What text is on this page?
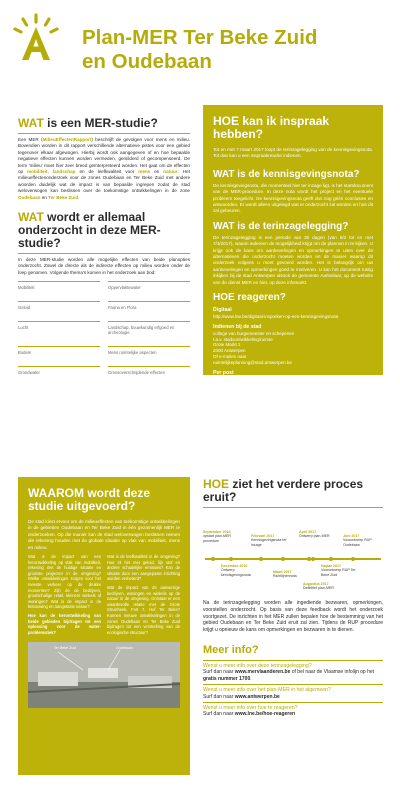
Plan-MER Ter Beke Zuid
en Oudebaan
WAT is een MER-studie?

Een MER (MilieuEffectenRapport) beschrijft de gevolgen voor mens en milieu. Bovendien worden in dit rapport verschillende alternatieve pistes voor een gebied tegenover elkaar afgewogen. Hierbij wordt ook aangegeven of en hoe bepaalde negatieve effecten kunnen worden vermeden, gemilderd of gecompenseerd. De term 'milieu' moet hier zeer breed geïnterpreteerd worden. Het gaat om de effecten op mobiliteit, landschap en de leefkwaliteit voor mens en natuur. Het milieueffectenonderzoek voor de zones Oudebaan en Ter Beke Zuid met andere woorden duidelijk wat de impact is van bepaalde ingrepen zodat de stad weloverwogen kan beslissen over de toekomstige ontwikkelingen in de zone Oudebaan en Ter Beke Zuid.

WAT wordt er allemaal onderzocht in deze MER-studie?

In deze MER-studie worden alle mogelijke effecten van beide planopties onderzocht. Zowel de directe als de indirecte effecten op milieu worden onder de loep genomen. Volgende thema's komen in het onderzoek aan bod:

Mobiliteit	Oppervlaktewater
Geluid	Fauna en Flora
Lucht	Landschap, bouwkundig erfgoed en archeologie
Bodem	Mens ruimtelijke aspecten
Grondwater	Grensoverschrijdende effecten
HOE kan ik inspraak hebben?

Tot en met 7 maart 2017 loopt de terinzagelegging van de kennisgevingsnota. Tot dan kan u een inspraakreactie indienen.

WAT is de kennisgevingsnota?

De kennisgevingsnota, die momenteel hier ter inzage ligt, is het startdocument van de MER-procedure. In deze nota wordt het project en het eventuele probleem toegelicht. De kennisgevingsnota geeft dus nog géén conclusies en antwoorden. Er wordt alleen uitgelegd wat er onderzocht zal worden en hoe dit zal gebeuren.

WAT is de terinzagelegging?

De terinzagelegging is een periode van 30 dagen (van 6/2 tot en met 7/3/2017), waarin iedereen de mogelijkheid krijgt om de plannen in te kijken. U krijgt ook de kans om aanbevelingen en opmerkingen te uiten over de alternatieven die onderzocht moeten worden en de manier waarop dit onderzoek volgens u moet gevoerd worden. Het is belangrijk om uw aanbevelingen en opmerkingen goed te motiveren. U kan het document rustig inkijken bij de stad Antwerpen alsook de gemeente Aartselaar, op de website van de dienst MER en hier, op deze infomarkt.

HOE reageren?
Digitaal
http://www.lne.be/digitaal-inspreken-op-een-kennisgevingsnota
Indienen bij de stad
college van burgemeester en schepenen
t.a.v. stadsontwikkeling/ruimte
Grote Markt 1
2000 Antwerpen
Of e-mailen naar
ruimtelijkeplanning@stad.antwerpen.be
Per post
Vlaamse overheid
Departement LNE Dienst MER
Plan-MER Ter Beke Zuid - Oudebaan
Koning Albert II-laan 20 bus 8
1000 Brussel
WAAROM wordt deze studie uitgevoerd?

De stad kiest ervoor om de milieueffecten van toekomstige ontwikkelingen in de gebieden Oudebaan en Ter Beke Zuid in één gezamenlijk MER te onderzoeken. Op die manier kan de stad weloverwogen beslissen nemen die rekening houden met de globale situatie op vlak van mobiliteit, mens en milieu.

Wat is de impact van een herontwikkeling op vlak van mobiliteit, rekening met de huidige situatie en grootste projecten in de omgeving? Welke ontwikkelingen zorgen voor het meeste verkeer op de drukke momenten? Zijn de de bedrijven, grootschalige retail, kleinere winkels of woningen? Wat is de impact in de bebouwing en aangetaste natuur?

Hoe kan de herontwikkeling van beide gebieden bijdragen tot een oplossing voor de water-problematiek?

Wat is de leefkwaliteit in de omgeving? Hoe zit het met geluid, fijn stof en andere schadelijke emissies? Kan de situatie door een aangepaste inrichting worden verbeterd?

Wat de impact van de aanwezige bedrijven, woningen en winkels op de natuur in de omgeving. Ontstaat er een waardevolle relatie met de Grote Struisheek, Fort 7, Hof Ter Beke? Kunnen nieuwe ontwikkelingen in de zones Oudebaan en Ter Beke Zuid bijdragen tot een versterking van de ecologische structuur?

Ter Beke Zuid	Oudebaan
HOE ziet het verdere proces eruit?
September 2016
opstart plan-MER procedure
Februari 2017
Kennisgevingsnota ter inzage
April 2017
Ontwerp plan-MER	Juni 2017
Voorontwerp RUP Oudebaan
December 2016
Ontwerp kennisgevingsnota
Maart 2017
Richtlijnennota
Najaar 2017
Voorontwerp RUP Ter Beke Zuid
Augustus 2017
Definitief plan-MER

Na de terinzagelegging worden alle ingediende bezwaren, opmerkingen, voorstellen onderzocht. Op basis van deze feedback wordt het onderzoek voortgezet. De inzichten in het MER zullen bepalen hoe de bestemming van het gebied Oudebaan en Ter Beke Zuid eruit zal zien. Tijdens de RUP procedure krijgt u opnieuw de kans om opmerkingen en bezwaren in te dienen.

Meer info?
Wenst u meer info over deze terinzagelegging?
Surf dan naar www.mervlaanderen.be of bel naar de Vlaamse infolijn op het gratis nummer 1700.
Wenst u meer info over het plan-MER in het algemeen?
Surf dan naar www.antwerpen.be
Wenst u meer info over hoe te reageren?
Surf dan naar www.lne.be/hoe-reageren
